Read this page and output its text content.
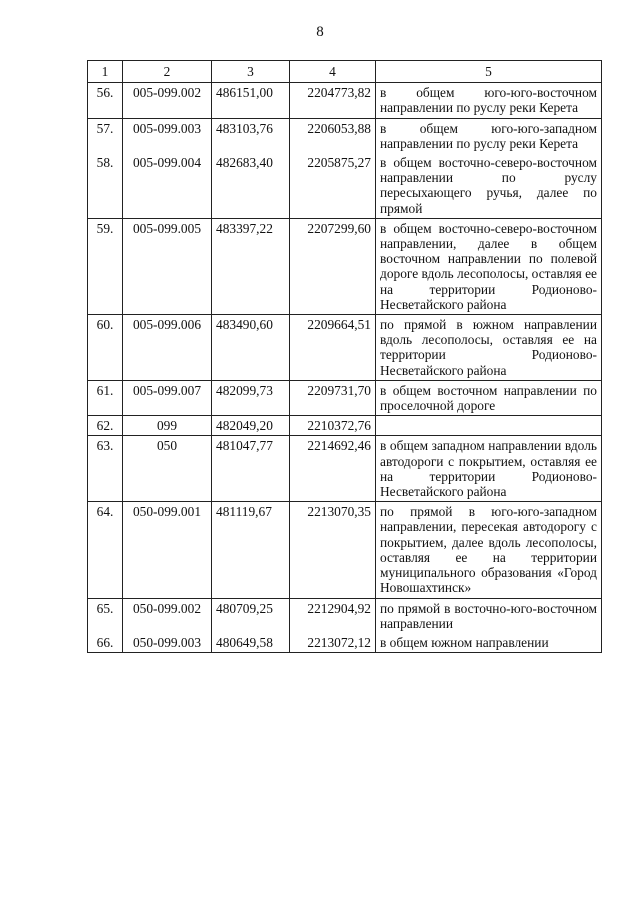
8
1	2	3	4	5
56.	005-099.002	486151,00	2204773,82	в общем юго-юго-восточном направлении по руслу реки Керета
57.	005-099.003	483103,76	2206053,88	в общем юго-юго-западном направлении по руслу реки Керета
58.	005-099.004	482683,40	2205875,27	в общем восточно-северо-восточном направлении по руслу пересыхающего ручья, далее по прямой
59.	005-099.005	483397,22	2207299,60	в общем восточно-северо-восточном направлении, далее в общем восточном направлении по полевой дороге вдоль лесополосы, оставляя ее на территории Родионово-Несветайского района
60.	005-099.006	483490,60	2209664,51	по прямой в южном направлении вдоль лесополосы, оставляя ее на территории Родионово-Несветайского района
61.	005-099.007	482099,73	2209731,70	в общем восточном направлении по проселочной дороге
62.	099	482049,20	2210372,76	
63.	050	481047,77	2214692,46	в общем западном направлении вдоль автодороги с покрытием, оставляя ее на территории Родионово-Несветайского района
64.	050-099.001	481119,67	2213070,35	по прямой в юго-юго-западном направлении, пересекая автодорогу с покрытием, далее вдоль лесополосы, оставляя ее на территории муниципального образования «Город Новошахтинск»
65.	050-099.002	480709,25	2212904,92	по прямой в восточно-юго-восточном направлении
66.	050-099.003	480649,58	2213072,12	в общем южном направлении
